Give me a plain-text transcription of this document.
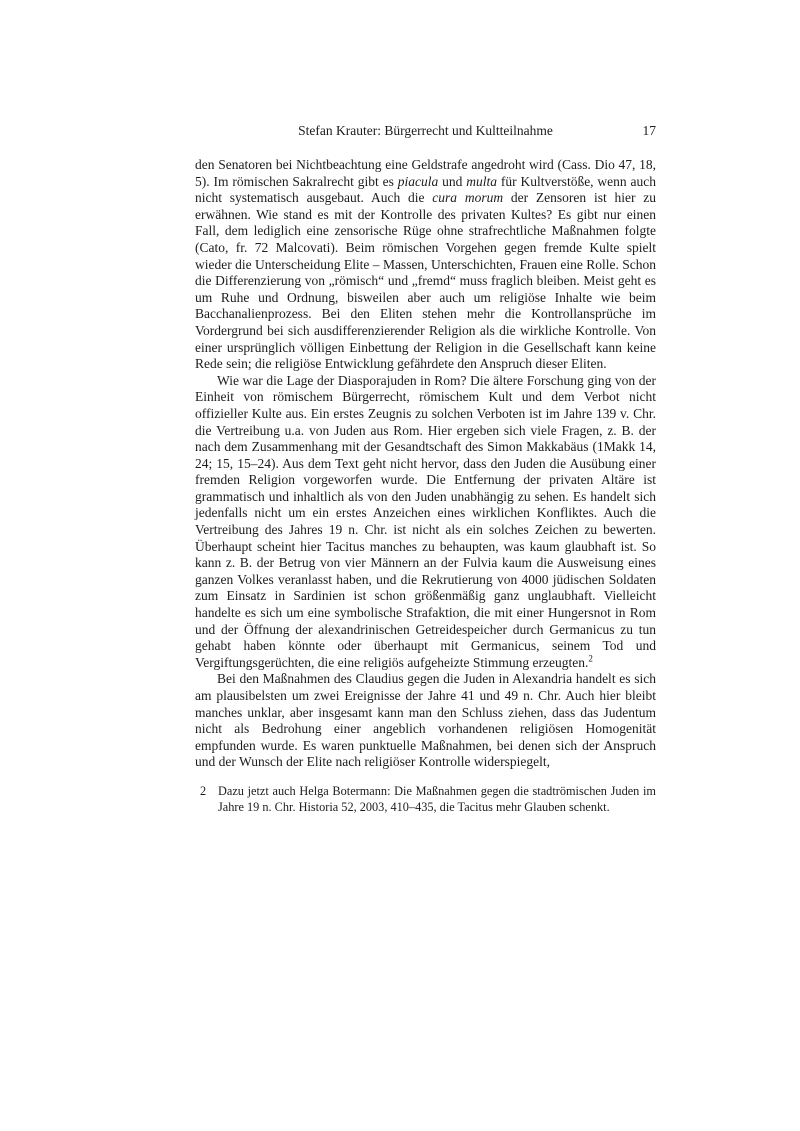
Stefan Krauter: Bürgerrecht und Kultteilnahme	17

den Senatoren bei Nichtbeachtung eine Geldstrafe angedroht wird (Cass. Dio 47, 18, 5). Im römischen Sakralrecht gibt es piacula und multa für Kultverstöße, wenn auch nicht systematisch ausgebaut. Auch die cura morum der Zensoren ist hier zu erwähnen. Wie stand es mit der Kontrolle des privaten Kultes? Es gibt nur einen Fall, dem lediglich eine zensorische Rüge ohne strafrechtliche Maßnahmen folgte (Cato, fr. 72 Malcovati). Beim römischen Vorgehen gegen fremde Kulte spielt wieder die Unterscheidung Elite – Massen, Unterschichten, Frauen eine Rolle. Schon die Differenzierung von „römisch“ und „fremd“ muss fraglich bleiben. Meist geht es um Ruhe und Ordnung, bisweilen aber auch um religiöse Inhalte wie beim Bacchanalienprozess. Bei den Eliten stehen mehr die Kontrollansprüche im Vordergrund bei sich ausdifferenzierender Religion als die wirkliche Kontrolle. Von einer ursprünglich völligen Einbettung der Religion in die Gesellschaft kann keine Rede sein; die religiöse Entwicklung gefährdete den Anspruch dieser Eliten.

Wie war die Lage der Diasporajuden in Rom? Die ältere Forschung ging von der Einheit von römischem Bürgerrecht, römischem Kult und dem Verbot nicht offizieller Kulte aus. Ein erstes Zeugnis zu solchen Verboten ist im Jahre 139 v. Chr. die Vertreibung u.a. von Juden aus Rom. Hier ergeben sich viele Fragen, z. B. der nach dem Zusammenhang mit der Gesandtschaft des Simon Makkabäus (1Makk 14, 24; 15, 15–24). Aus dem Text geht nicht hervor, dass den Juden die Ausübung einer fremden Religion vorgeworfen wurde. Die Entfernung der privaten Altäre ist grammatisch und inhaltlich als von den Juden unabhängig zu sehen. Es handelt sich jedenfalls nicht um ein erstes Anzeichen eines wirklichen Konfliktes. Auch die Vertreibung des Jahres 19 n. Chr. ist nicht als ein solches Zeichen zu bewerten. Überhaupt scheint hier Tacitus manches zu behaupten, was kaum glaubhaft ist. So kann z. B. der Betrug von vier Männern an der Fulvia kaum die Ausweisung eines ganzen Volkes veranlasst haben, und die Rekrutierung von 4000 jüdischen Soldaten zum Einsatz in Sardinien ist schon größenmäßig ganz unglaubhaft. Vielleicht handelte es sich um eine symbolische Strafaktion, die mit einer Hungersnot in Rom und der Öffnung der alexandrinischen Getreidespeicher durch Germanicus zu tun gehabt haben könnte oder überhaupt mit Germanicus, seinem Tod und Vergiftungsgerüchten, die eine religiös aufgeheizte Stimmung erzeugten.$^2$

Bei den Maßnahmen des Claudius gegen die Juden in Alexandria handelt es sich am plausibelsten um zwei Ereignisse der Jahre 41 und 49 n. Chr. Auch hier bleibt manches unklar, aber insgesamt kann man den Schluss ziehen, dass das Judentum nicht als Bedrohung einer angeblich vorhandenen religiösen Homogenität empfunden wurde. Es waren punktuelle Maßnahmen, bei denen sich der Anspruch und der Wunsch der Elite nach religiöser Kontrolle widerspiegelt,

2 Dazu jetzt auch Helga Botermann: Die Maßnahmen gegen die stadtrömischen Juden im Jahre 19 n. Chr. Historia 52, 2003, 410–435, die Tacitus mehr Glauben schenkt.
